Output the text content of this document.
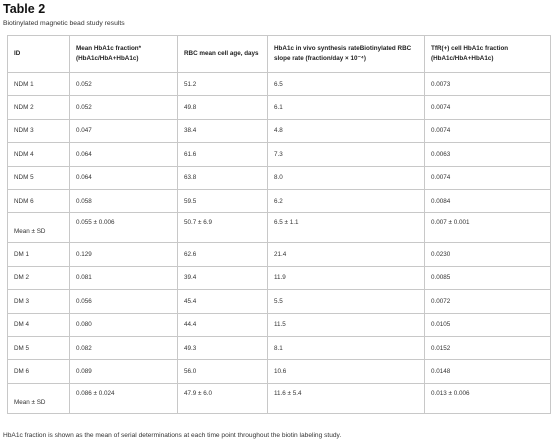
Table 2
Biotinylated magnetic bead study results
ID	Mean HbA1c fraction* (HbA1c/HbA+HbA1c)	RBC mean cell age, days	HbA1c in vivo synthesis rateBiotinylated RBC slope rate (fraction/day × 10⁻⁴)	TfR(+) cell HbA1c fraction (HbA1c/HbA+HbA1c)
NDM 1	0.052	51.2	6.5	0.0073
NDM 2	0.052	49.8	6.1	0.0074
NDM 3	0.047	38.4	4.8	0.0074
NDM 4	0.064	61.6	7.3	0.0063
NDM 5	0.064	63.8	8.0	0.0074
NDM 6	0.058	59.5	6.2	0.0084

Mean ± SD	0.055 ± 0.006	50.7 ± 6.9	6.5 ± 1.1	0.007 ± 0.001

DM 1	0.129	62.6	21.4	0.0230
DM 2	0.081	39.4	11.9	0.0085
DM 3	0.056	45.4	5.5	0.0072
DM 4	0.080	44.4	11.5	0.0105
DM 5	0.082	49.3	8.1	0.0152
DM 6	0.089	56.0	10.6	0.0148

Mean ± SD	0.086 ± 0.024	47.9 ± 6.0	11.6 ± 5.4	0.013 ± 0.006
HbA1c fraction is shown as the mean of serial determinations at each time point throughout the biotin labeling study.
